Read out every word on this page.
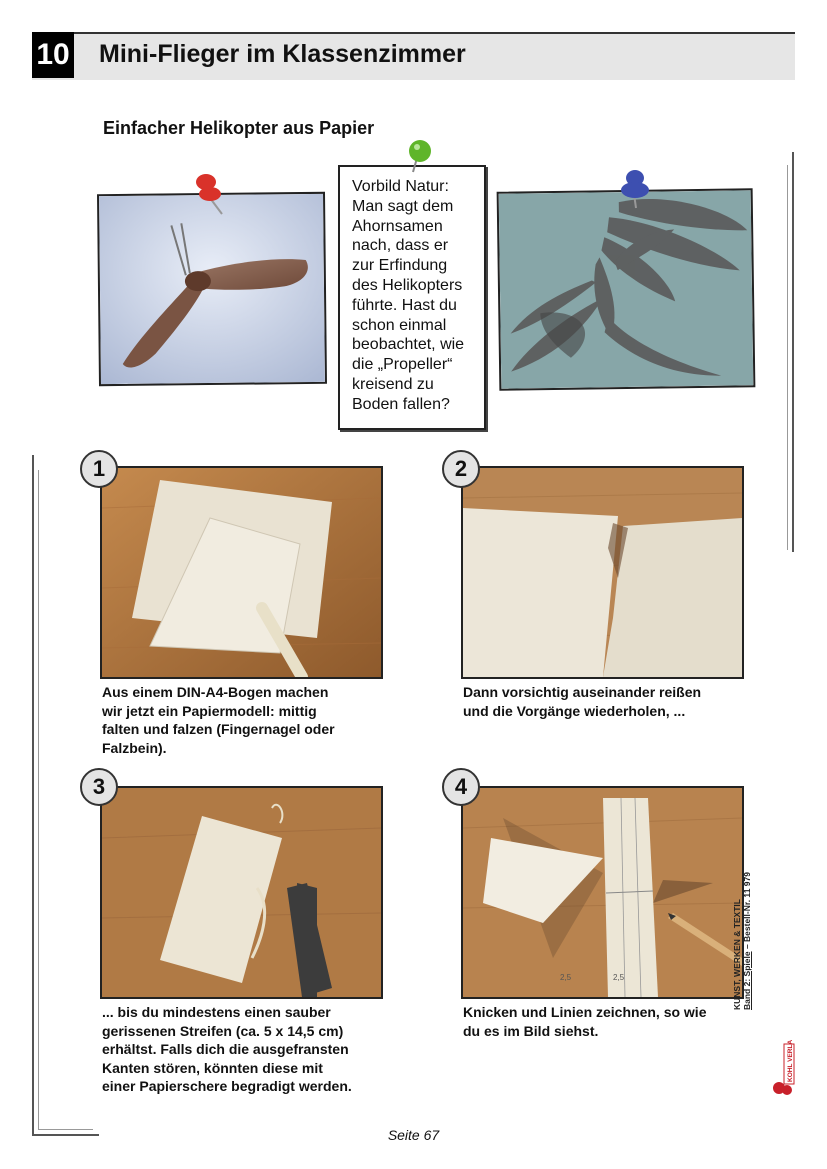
10 Mini-Flieger im Klassenzimmer
Einfacher Helikopter aus Papier
Vorbild Natur:
Man sagt dem
Ahornsamen
nach, dass er
zur Erfindung
des Helikopters
führte. Hast du
schon einmal
beobachtet, wie
die „Propeller“
kreisend zu
Boden fallen?
1
Aus einem DIN-A4-Bogen machen
wir jetzt ein Papiermodell: mittig
falten und falzen (Fingernagel oder
Falzbein).
2
Dann vorsichtig auseinander reißen
und die Vorgänge wiederholen, ...
3
... bis du mindestens einen sauber
gerissenen Streifen (ca. 5 x 14,5 cm)
erhältst. Falls dich die ausgefransten
Kanten stören, könnten diese mit
einer Papierschere begradigt werden.
2,5	2,5
4
Knicken und Linien zeichnen, so wie
du es im Bild siehst.
KUNST, WERKEN & TEXTIL Band 2: Spiele – Bestell-Nr. 11 979
KOHL VERLAG
Seite 67
